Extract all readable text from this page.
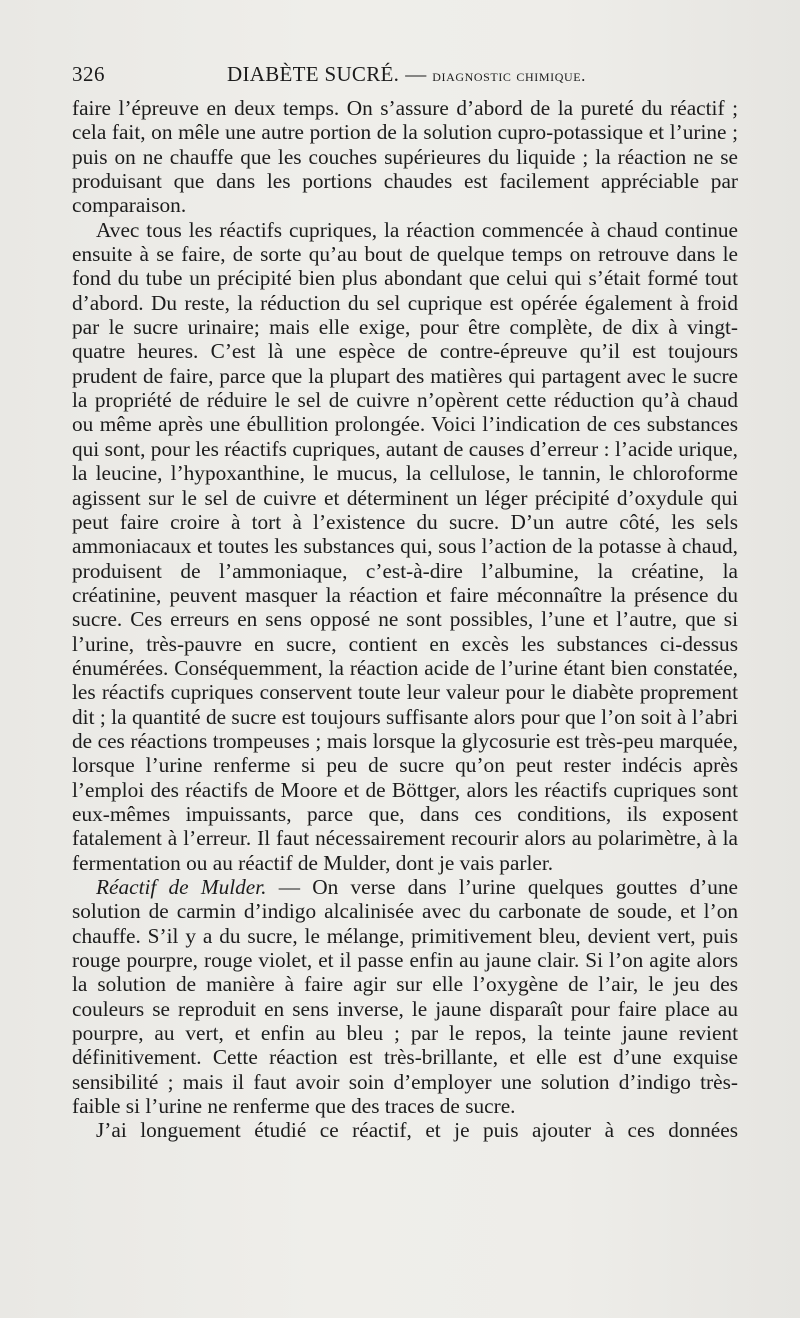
326	DIABÈTE SUCRÉ. — diagnostic chimique.

faire l’épreuve en deux temps. On s’assure d’abord de la pureté du réactif ; cela fait, on mêle une autre portion de la solution cupro-potassique et l’urine ; puis on ne chauffe que les couches supérieures du liquide ; la réaction ne se produisant que dans les portions chaudes est facilement appréciable par comparaison.

Avec tous les réactifs cupriques, la réaction commencée à chaud continue ensuite à se faire, de sorte qu’au bout de quelque temps on retrouve dans le fond du tube un précipité bien plus abondant que celui qui s’était formé tout d’abord. Du reste, la réduction du sel cuprique est opérée également à froid par le sucre urinaire; mais elle exige, pour être complète, de dix à vingt-quatre heures. C’est là une espèce de contre-épreuve qu’il est toujours prudent de faire, parce que la plupart des matières qui partagent avec le sucre la propriété de réduire le sel de cuivre n’opèrent cette réduction qu’à chaud ou même après une ébullition prolongée. Voici l’indication de ces substances qui sont, pour les réactifs cupriques, autant de causes d’erreur : l’acide urique, la leucine, l’hypoxanthine, le mucus, la cellulose, le tannin, le chloroforme agissent sur le sel de cuivre et déterminent un léger précipité d’oxydule qui peut faire croire à tort à l’existence du sucre. D’un autre côté, les sels ammoniacaux et toutes les substances qui, sous l’action de la potasse à chaud, produisent de l’ammoniaque, c’est-à-dire l’albumine, la créatine, la créatinine, peuvent masquer la réaction et faire méconnaître la présence du sucre. Ces erreurs en sens opposé ne sont possibles, l’une et l’autre, que si l’urine, très-pauvre en sucre, contient en excès les substances ci-dessus énumérées. Conséquemment, la réaction acide de l’urine étant bien constatée, les réactifs cupriques conservent toute leur valeur pour le diabète proprement dit ; la quantité de sucre est toujours suffisante alors pour que l’on soit à l’abri de ces réactions trompeuses ; mais lorsque la glycosurie est très-peu marquée, lorsque l’urine renferme si peu de sucre qu’on peut rester indécis après l’emploi des réactifs de Moore et de Böttger, alors les réactifs cupriques sont eux-mêmes impuissants, parce que, dans ces conditions, ils exposent fatalement à l’erreur. Il faut nécessairement recourir alors au polarimètre, à la fermentation ou au réactif de Mulder, dont je vais parler.

Réactif de Mulder. — On verse dans l’urine quelques gouttes d’une solution de carmin d’indigo alcalinisée avec du carbonate de soude, et l’on chauffe. S’il y a du sucre, le mélange, primitivement bleu, devient vert, puis rouge pourpre, rouge violet, et il passe enfin au jaune clair. Si l’on agite alors la solution de manière à faire agir sur elle l’oxygène de l’air, le jeu des couleurs se reproduit en sens inverse, le jaune disparaît pour faire place au pourpre, au vert, et enfin au bleu ; par le repos, la teinte jaune revient définitivement. Cette réaction est très-brillante, et elle est d’une exquise sensibilité ; mais il faut avoir soin d’employer une solution d’indigo très-faible si l’urine ne renferme que des traces de sucre.

J’ai longuement étudié ce réactif, et je puis ajouter à ces données
